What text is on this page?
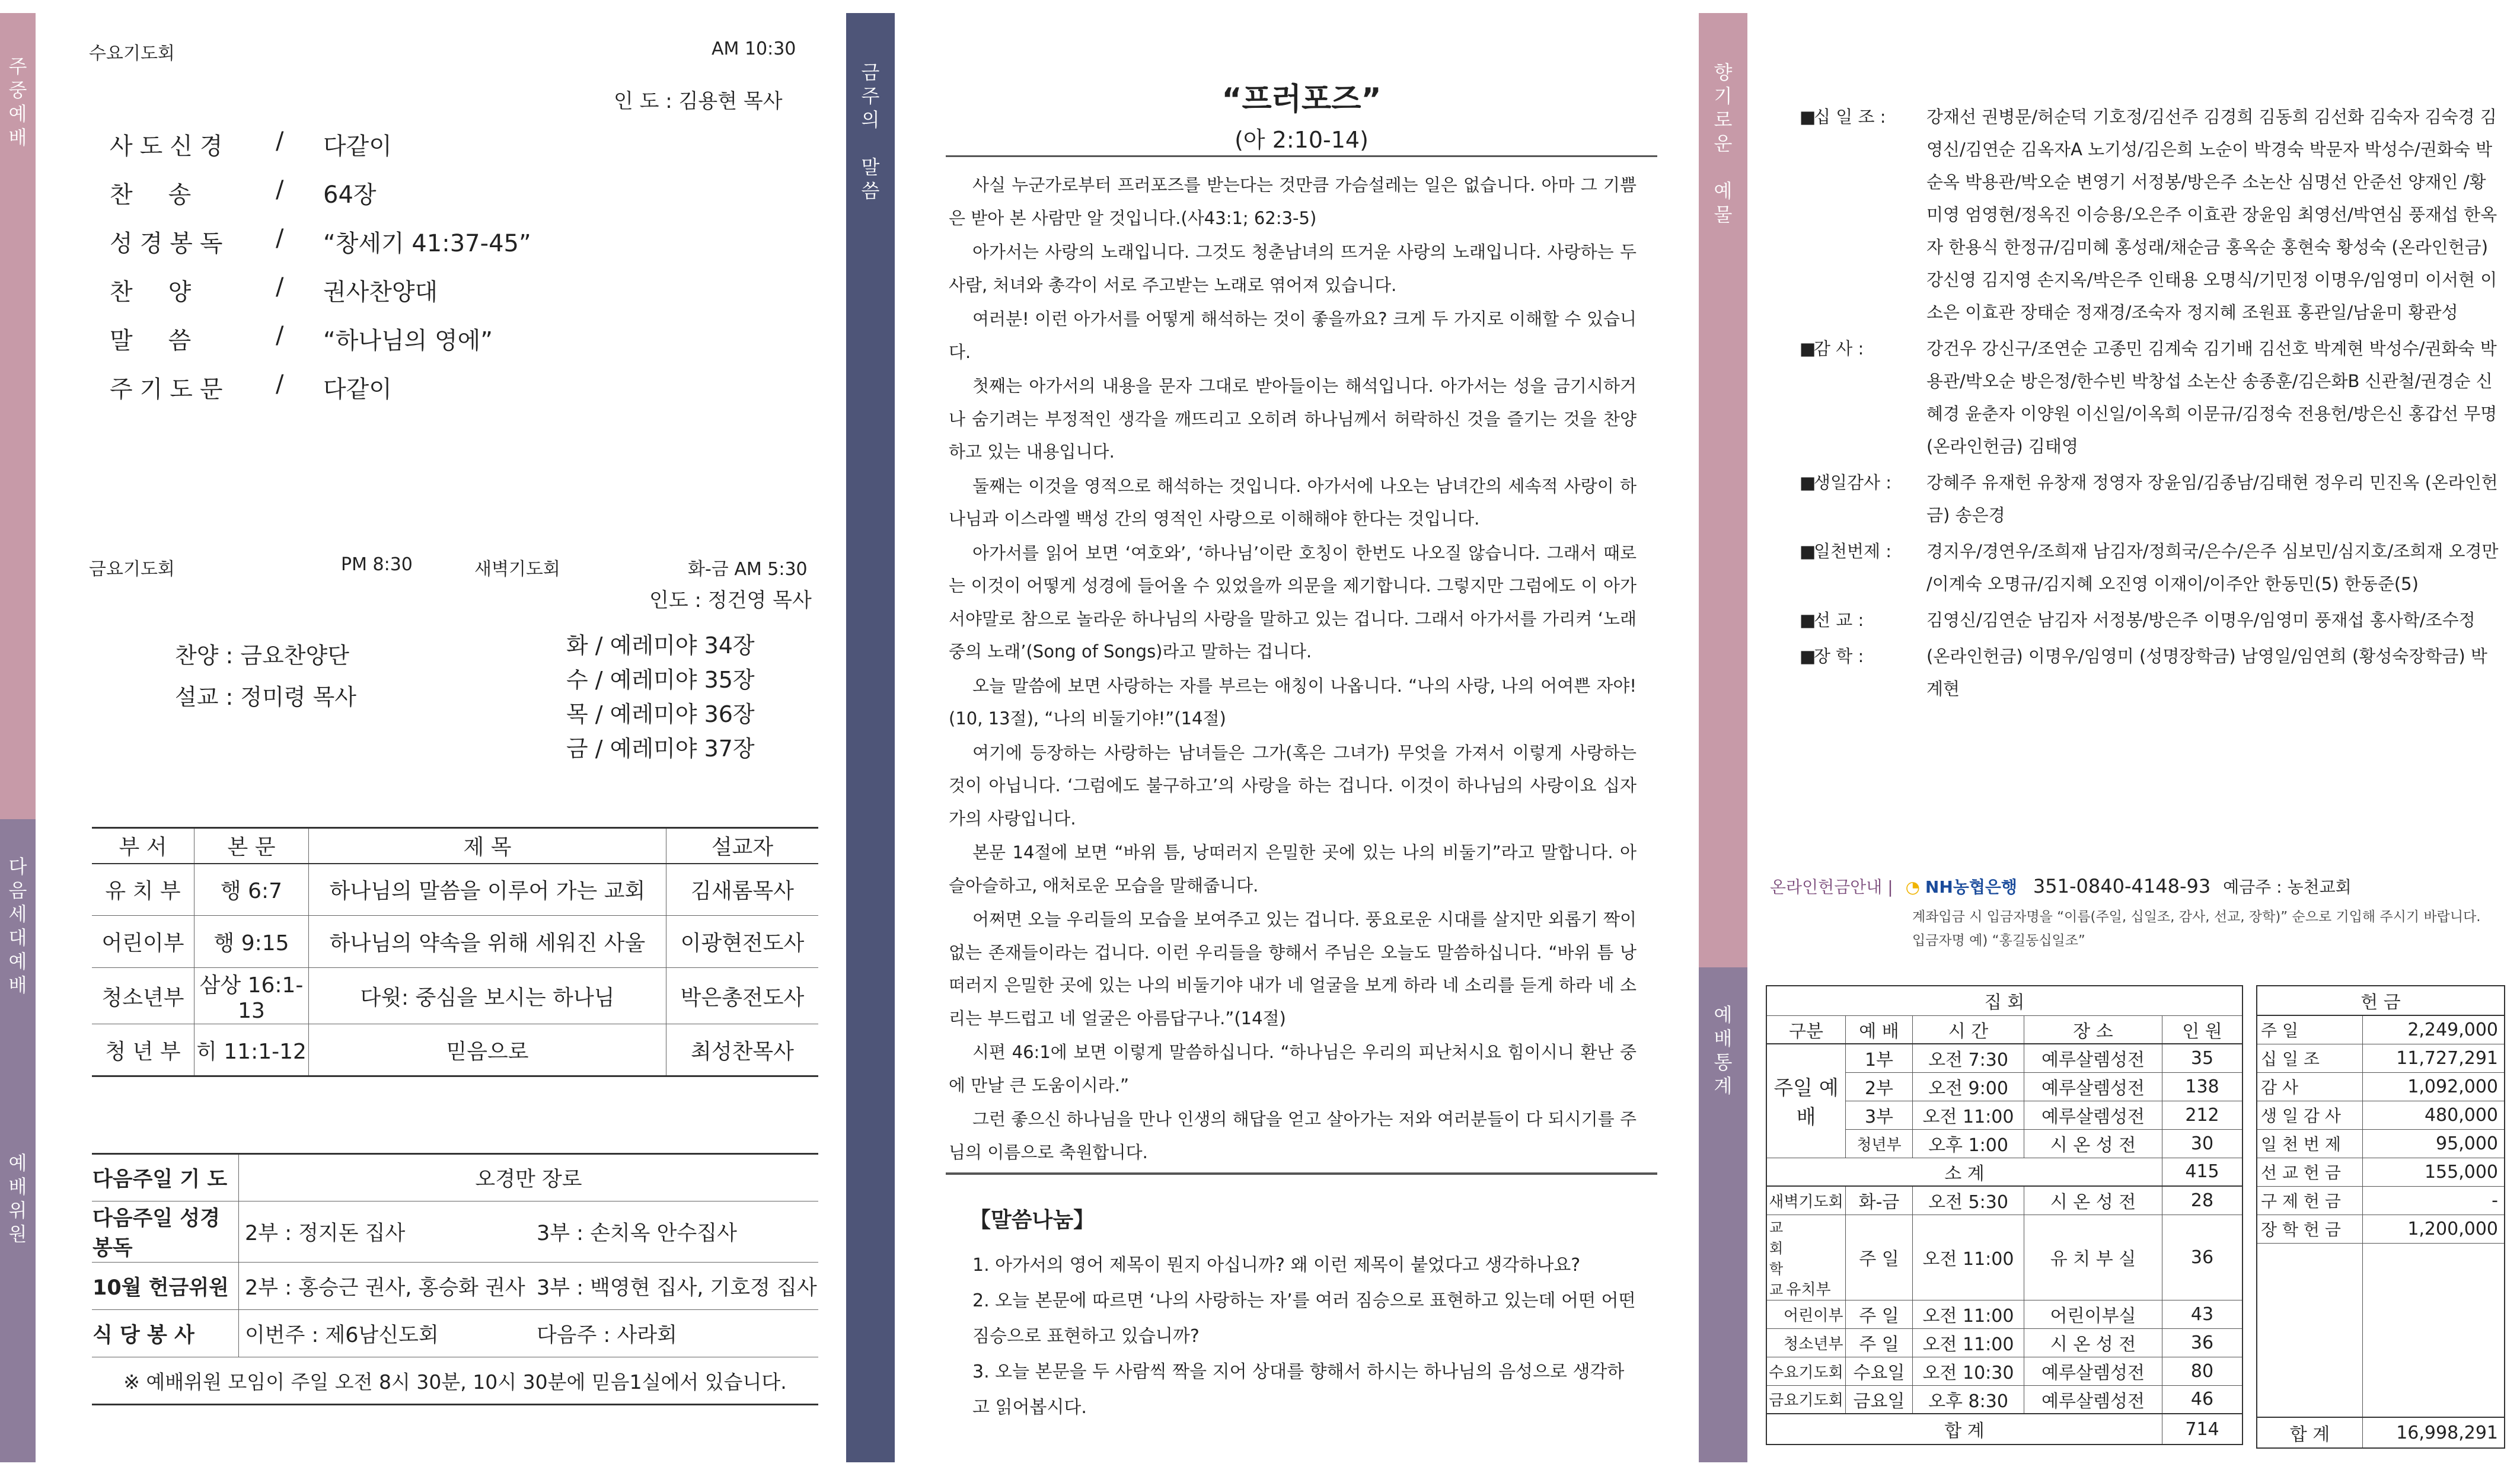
주
중
예
배
다
음
세
대
예
배
예
배
위
원
금
주
의

말
씀
향
기
로
운

예
물
예
배
통
계
수요기도회	AM 10:30
인 도 : 김용현 목사
사도신경	/	다같이
찬송	/	64장
성경봉독	/	“창세기 41:37-45”
찬양	/	권사찬양대
말씀	/	“하나님의 영에”
주기도문	/	다같이
금요기도회	PM 8:30	새벽기도회	화-금 AM 5:30
인도 : 정건영 목사
찬양 : 금요찬양단
설교 : 정미령 목사
화 / 예레미야 34장
수 / 예레미야 35장
목 / 예레미야 36장
금 / 예레미야 37장
부 서	본 문	제 목	설교자
유 치 부	행 6:7	하나님의 말씀을 이루어 가는 교회	김새롬목사
어린이부	행 9:15	하나님의 약속을 위해 세워진 사울	이광현전도사
청소년부	삼상 16:1-13	다윗: 중심을 보시는 하나님	박은총전도사
청 년 부	히 11:1-12	믿음으로	최성찬목사
다음주일 기 도	오경만 장로	
다음주일 성경봉독	2부 : 정지돈 집사	3부 : 손치옥 안수집사
10월 헌금위원	2부 : 홍승근 권사, 홍승화 권사	3부 : 백영현 집사, 기호정 집사
식 당 봉 사	이번주 : 제6남신도회	다음주 : 사라회
※ 예배위원 모임이 주일 오전 8시 30분, 10시 30분에 믿음1실에서 있습니다.		
“프러포즈”
(아 2:10-14)

사실 누군가로부터 프러포즈를 받는다는 것만큼 가슴설레는 일은 없습니다. 아마 그 기쁨은 받아 본 사람만 알 것입니다.(사43:1; 62:3-5)

아가서는 사랑의 노래입니다. 그것도 청춘남녀의 뜨거운 사랑의 노래입니다. 사랑하는 두 사람, 처녀와 총각이 서로 주고받는 노래로 엮어져 있습니다.

여러분! 이런 아가서를 어떻게 해석하는 것이 좋을까요? 크게 두 가지로 이해할 수 있습니다.

첫째는 아가서의 내용을 문자 그대로 받아들이는 해석입니다. 아가서는 성을 금기시하거나 숨기려는 부정적인 생각을 깨뜨리고 오히려 하나님께서 허락하신 것을 즐기는 것을 찬양하고 있는 내용입니다.

둘째는 이것을 영적으로 해석하는 것입니다. 아가서에 나오는 남녀간의 세속적 사랑이 하나님과 이스라엘 백성 간의 영적인 사랑으로 이해해야 한다는 것입니다.

아가서를 읽어 보면 ‘여호와’, ‘하나님’이란 호칭이 한번도 나오질 않습니다. 그래서 때로는 이것이 어떻게 성경에 들어올 수 있었을까 의문을 제기합니다. 그렇지만 그럼에도 이 아가서야말로 참으로 놀라운 하나님의 사랑을 말하고 있는 겁니다. 그래서 아가서를 가리켜 ‘노래 중의 노래’(Song of Songs)라고 말하는 겁니다.

오늘 말씀에 보면 사랑하는 자를 부르는 애칭이 나옵니다. “나의 사랑, 나의 어여쁜 자야!(10, 13절), “나의 비둘기야!”(14절)

여기에 등장하는 사랑하는 남녀들은 그가(혹은 그녀가) 무엇을 가져서 이렇게 사랑하는 것이 아닙니다. ‘그럼에도 불구하고’의 사랑을 하는 겁니다. 이것이 하나님의 사랑이요 십자가의 사랑입니다.

본문 14절에 보면 “바위 틈, 낭떠러지 은밀한 곳에 있는 나의 비둘기”라고 말합니다. 아슬아슬하고, 애처로운 모습을 말해줍니다.

어쩌면 오늘 우리들의 모습을 보여주고 있는 겁니다. 풍요로운 시대를 살지만 외롭기 짝이 없는 존재들이라는 겁니다. 이런 우리들을 향해서 주님은 오늘도 말씀하십니다. “바위 틈 낭떠러지 은밀한 곳에 있는 나의 비둘기야 내가 네 얼굴을 보게 하라 네 소리를 듣게 하라 네 소리는 부드럽고 네 얼굴은 아름답구나.”(14절)

시편 46:1에 보면 이렇게 말씀하십니다. “하나님은 우리의 피난처시요 힘이시니 환난 중에 만날 큰 도움이시라.”

그런 좋으신 하나님을 만나 인생의 해답을 얻고 살아가는 저와 여러분들이 다 되시기를 주님의 이름으로 축원합니다.

【말씀나눔】
1. 아가서의 영어 제목이 뭔지 아십니까? 왜 이런 제목이 붙었다고 생각하나요?
2. 오늘 본문에 따르면 ‘나의 사랑하는 자’를 여러 짐승으로 표현하고 있는데 어떤 어떤 짐승으로 표현하고 있습니까?
3. 오늘 본문을 두 사람씩 짝을 지어 상대를 향해서 하시는 하나님의 음성으로 생각하고 읽어봅시다.
■
십 일 조 :	강재선 권병문/허순덕 기호정/김선주 김경희 김동희 김선화 김숙자 김숙경 김영신/김연순 김옥자A 노기성/김은희 노순이 박경숙 박문자 박성수/권화숙 박순옥 박용관/박오순 변영기 서정봉/방은주 소논산 심명선 안준선 양재인 /황미영 엄영현/정옥진 이승용/오은주 이효관 장윤임 최영선/박연심 풍재섭 한옥자 한용식 한정규/김미혜 홍성래/채순금 홍옥순 홍현숙 황성숙 (온라인헌금) 강신영 김지영 손지옥/박은주 인태용 오명식/기민정 이명우/임영미 이서현 이소은 이효관 장태순 정재경/조숙자 정지혜 조원표 홍관일/남윤미 황관성
■
감 사 :	강건우 강신구/조연순 고종민 김계숙 김기배 김선호 박계현 박성수/권화숙 박용관/박오순 방은정/한수빈 박창섭 소논산 송종훈/김은화B 신관철/권경순 신혜경 윤춘자 이양원 이신일/이옥희 이문규/김정숙 전용헌/방은신 홍갑선 무명 (온라인헌금) 김태영
■
생일감사 :	강혜주 유재헌 유창재 정영자 장윤임/김종남/김태현 정우리 민진옥 (온라인헌금) 송은경
■
일천번제 :	경지우/경연우/조희재 남김자/정희국/은수/은주 심보민/심지호/조희재 오경만 /이계숙 오명규/김지혜 오진영 이재이/이주안 한동민(5) 한동준(5)
■
선 교 :	김영신/김연순 남김자 서정봉/방은주 이명우/임영미 풍재섭 홍사학/조수정
■
장 학 :	(온라인헌금) 이명우/임영미 (성명장학금) 남영일/임연희 (황성숙장학금) 박계현
온라인헌금안내 | ◔ NH농협은행 351-0840-4148-93 예금주 : 농천교회
계좌입금 시 입금자명을 “이름(주일, 십일조, 감사, 선교, 장학)” 순으로 기입해 주시기 바랍니다.
입금자명 예) “홍길동십일조”
집 회				
구분	예 배	시 간	장 소	인 원
주일 예배	1부	오전 7:30	예루살렘성전	35
	2부	오전 9:00	예루살렘성전	138
	3부	오전 11:00	예루살렘성전	212
	청년부	오후 1:00	시 온 성 전	30
소 계				415
새벽기도회	화-금	오전 5:30	시 온 성 전	28
교회학교 유치부	주 일	오전 11:00	유 치 부 실	36
어린이부	주 일	오전 11:00	어린이부실	43
청소년부	주 일	오전 11:00	시 온 성 전	36
수요기도회	수요일	오전 10:30	예루살렘성전	80
금요기도회	금요일	오후 8:30	예루살렘성전	46
합 계				714
헌 금	
주 일	2,249,000
십 일 조	11,727,291
감 사	1,092,000
생 일 감 사	480,000
일 천 번 제	95,000
선 교 헌 금	155,000
구 제 헌 금	-
장 학 헌 금	1,200,000

합 계	16,998,291
